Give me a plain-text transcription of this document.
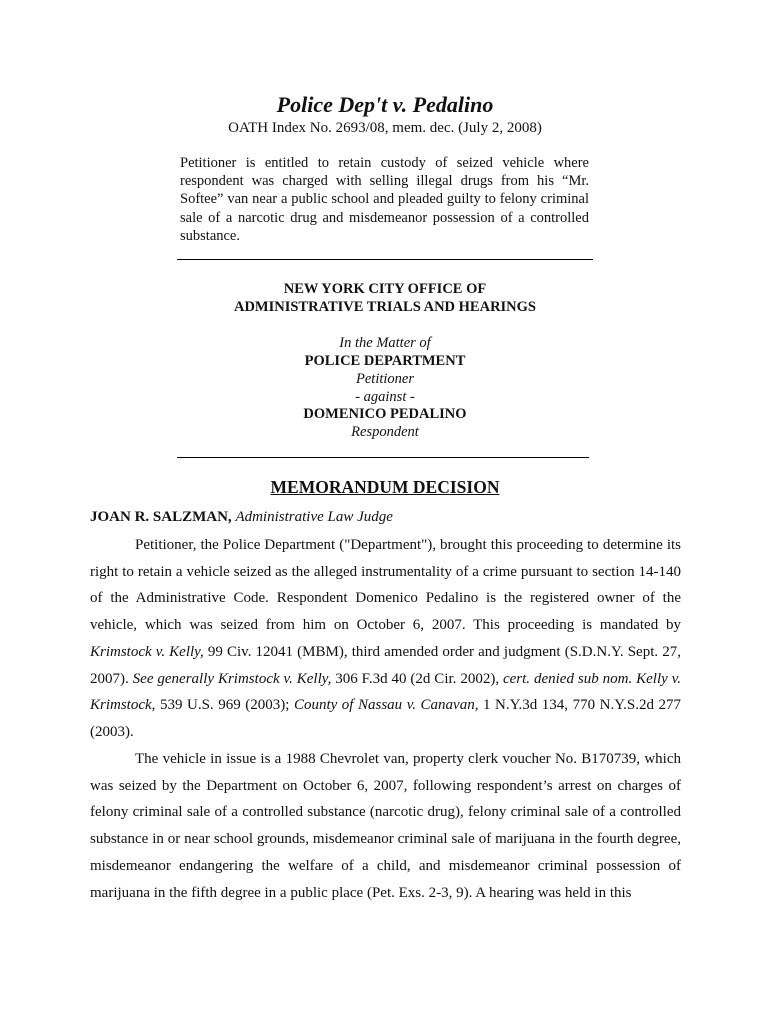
Police Dep't v. Pedalino
OATH Index No. 2693/08, mem. dec. (July 2, 2008)
Petitioner is entitled to retain custody of seized vehicle where respondent was charged with selling illegal drugs from his “Mr. Softee” van near a public school and pleaded guilty to felony criminal sale of a narcotic drug and misdemeanor possession of a controlled substance.
NEW YORK CITY OFFICE OF
ADMINISTRATIVE TRIALS AND HEARINGS
In the Matter of
POLICE DEPARTMENT
Petitioner
- against -
DOMENICO PEDALINO
Respondent
MEMORANDUM DECISION
JOAN R. SALZMAN, Administrative Law Judge
Petitioner, the Police Department ("Department"), brought this proceeding to determine its right to retain a vehicle seized as the alleged instrumentality of a crime pursuant to section 14-140 of the Administrative Code. Respondent Domenico Pedalino is the registered owner of the vehicle, which was seized from him on October 6, 2007. This proceeding is mandated by Krimstock v. Kelly, 99 Civ. 12041 (MBM), third amended order and judgment (S.D.N.Y. Sept. 27, 2007). See generally Krimstock v. Kelly, 306 F.3d 40 (2d Cir. 2002), cert. denied sub nom. Kelly v. Krimstock, 539 U.S. 969 (2003); County of Nassau v. Canavan, 1 N.Y.3d 134, 770 N.Y.S.2d 277 (2003).
The vehicle in issue is a 1988 Chevrolet van, property clerk voucher No. B170739, which was seized by the Department on October 6, 2007, following respondent’s arrest on charges of felony criminal sale of a controlled substance (narcotic drug), felony criminal sale of a controlled substance in or near school grounds, misdemeanor criminal sale of marijuana in the fourth degree, misdemeanor endangering the welfare of a child, and misdemeanor criminal possession of marijuana in the fifth degree in a public place (Pet. Exs. 2-3, 9). A hearing was held in this
